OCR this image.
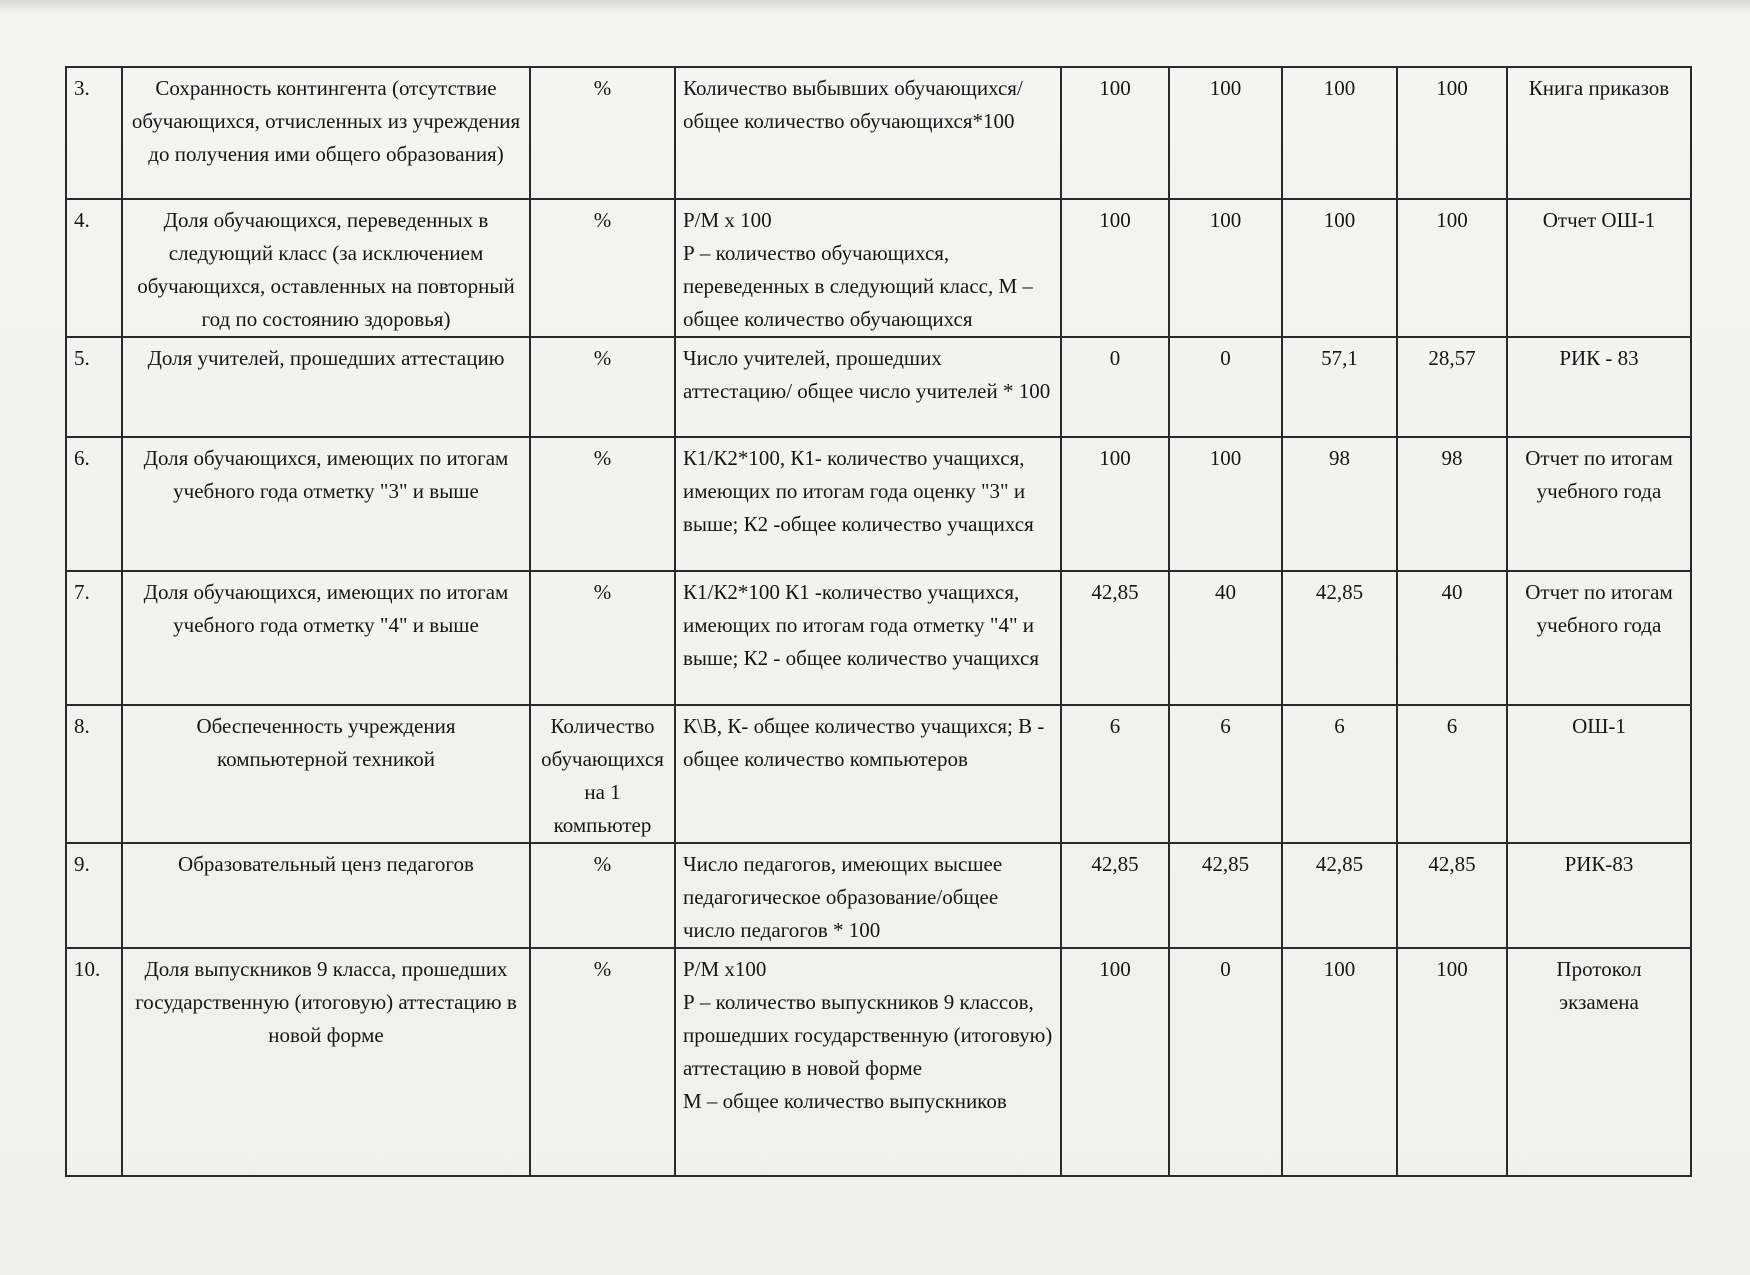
3.	Сохранность контингента (отсутствие обучающихся, отчисленных из учреждения до получения ими общего образования)	%	Количество выбывших обучающихся/общее количество обучающихся*100	100	100	100	100	Книга приказов
4.	Доля обучающихся, переведенных в следующий класс (за исключением обучающихся, оставленных на повторный год по состоянию здоровья)	%	Р/М х 100
Р – количество обучающихся, переведенных в следующий класс, М – общее количество обучающихся	100	100	100	100	Отчет ОШ-1
5.	Доля учителей, прошедших аттестацию	%	Число учителей, прошедших аттестацию/ общее число учителей * 100	0	0	57,1	28,57	РИК - 83
6.	Доля обучающихся, имеющих по итогам учебного года отметку "3" и выше	%	К1/К2*100, К1- количество учащихся, имеющих по итогам года оценку "3" и выше; К2 -общее количество учащихся	100	100	98	98	Отчет по итогам учебного года
7.	Доля обучающихся, имеющих по итогам учебного года отметку "4" и выше	%	К1/К2*100 К1 -количество учащихся, имеющих по итогам года отметку "4" и выше; К2 - общее количество учащихся	42,85	40	42,85	40	Отчет по итогам учебного года
8.	Обеспеченность учреждения компьютерной техникой	Количество обучающихся на 1 компьютер	К\В, К- общее количество учащихся; В - общее количество компьютеров	6	6	6	6	ОШ-1
9.	Образовательный ценз педагогов	%	Число педагогов, имеющих высшее педагогическое образование/общее число педагогов * 100	42,85	42,85	42,85	42,85	РИК-83
10.	Доля выпускников 9 класса, прошедших государственную (итоговую) аттестацию в новой форме	%	Р/М х100
Р – количество выпускников 9 классов, прошедших государственную (итоговую) аттестацию в новой форме
М – общее количество выпускников	100	0	100	100	Протокол экзамена
